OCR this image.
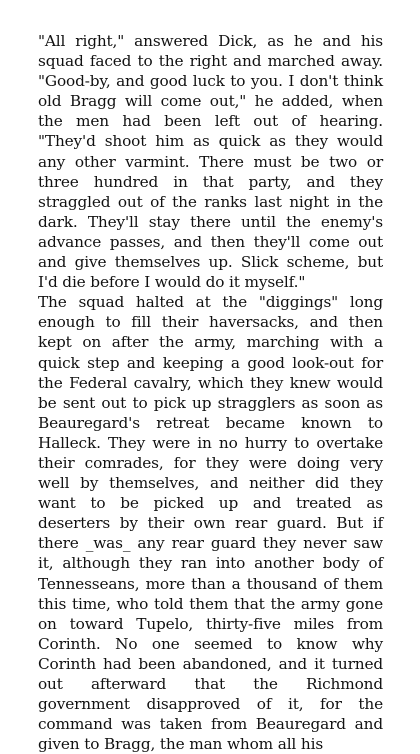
"All right," answered Dick, as he and his squad faced to the right and marched away. "Good-by, and good luck to you. I don't think old Bragg will come out," he added, when the men had been left out of hearing. "They'd shoot him as quick as they would any other varmint. There must be two or three hundred in that party, and they straggled out of the ranks last night in the dark. They'll stay there until the enemy's advance passes, and then they'll come out and give themselves up. Slick scheme, but I'd die before I would do it myself."

The squad halted at the "diggings" long enough to fill their haversacks, and then kept on after the army, marching with a quick step and keeping a good look-out for the Federal cavalry, which they knew would be sent out to pick up stragglers as soon as Beauregard's retreat became known to Halleck. They were in no hurry to overtake their comrades, for they were doing very well by themselves, and neither did they want to be picked up and treated as deserters by their own rear guard. But if there _was_ any rear guard they never saw it, although they ran into another body of Tennesseans, more than a thousand of them this time, who told them that the army gone on toward Tupelo, thirty-five miles from Corinth. No one seemed to know why Corinth had been abandoned, and it turned out afterward that the Richmond government disapproved of it, for the command was taken from Beauregard and given to Bragg, the man whom all his
